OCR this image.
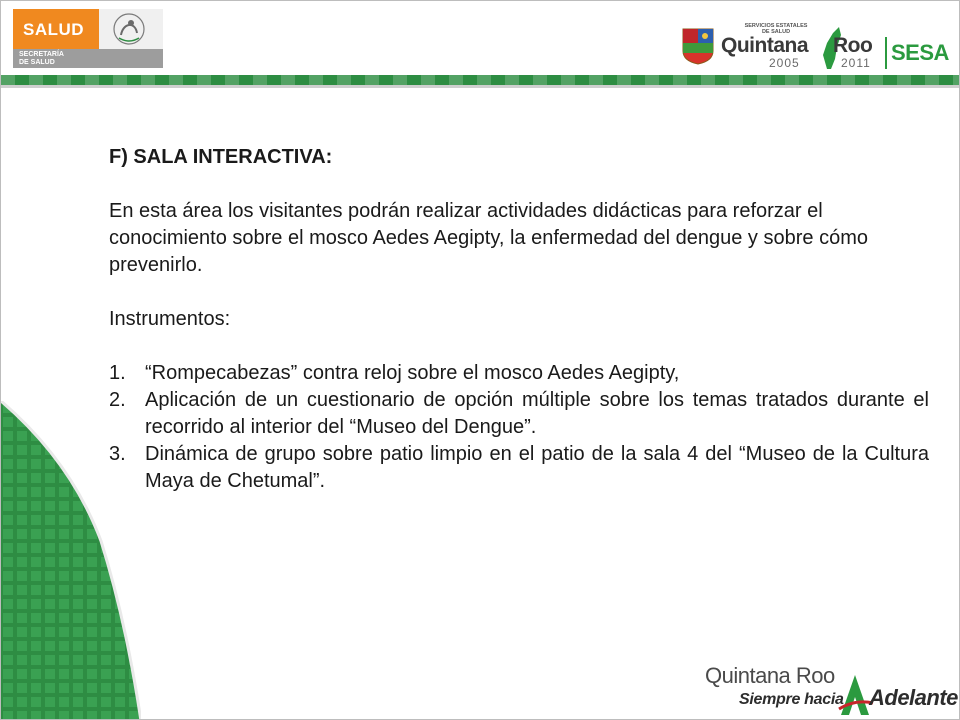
SALUD
SECRETARÍA
DE SALUD
SERVICIOS ESTATALES
DE SALUD
Quintana Roo
2005	2011 SESA

F) SALA INTERACTIVA:

En esta área los visitantes podrán realizar actividades didácticas para reforzar el conocimiento sobre el mosco Aedes Aegipty, la enfermedad del dengue y sobre cómo prevenirlo.

Instrumentos:

1. “Rompecabezas” contra reloj sobre el mosco Aedes Aegipty,
2. Aplicación de un cuestionario de opción múltiple sobre los temas tratados durante el recorrido al interior del “Museo del Dengue”.
3. Dinámica de grupo sobre patio limpio en el patio de la sala 4 del “Museo de la Cultura Maya de Chetumal”.
Quintana Roo
Siempre hacia Adelante
